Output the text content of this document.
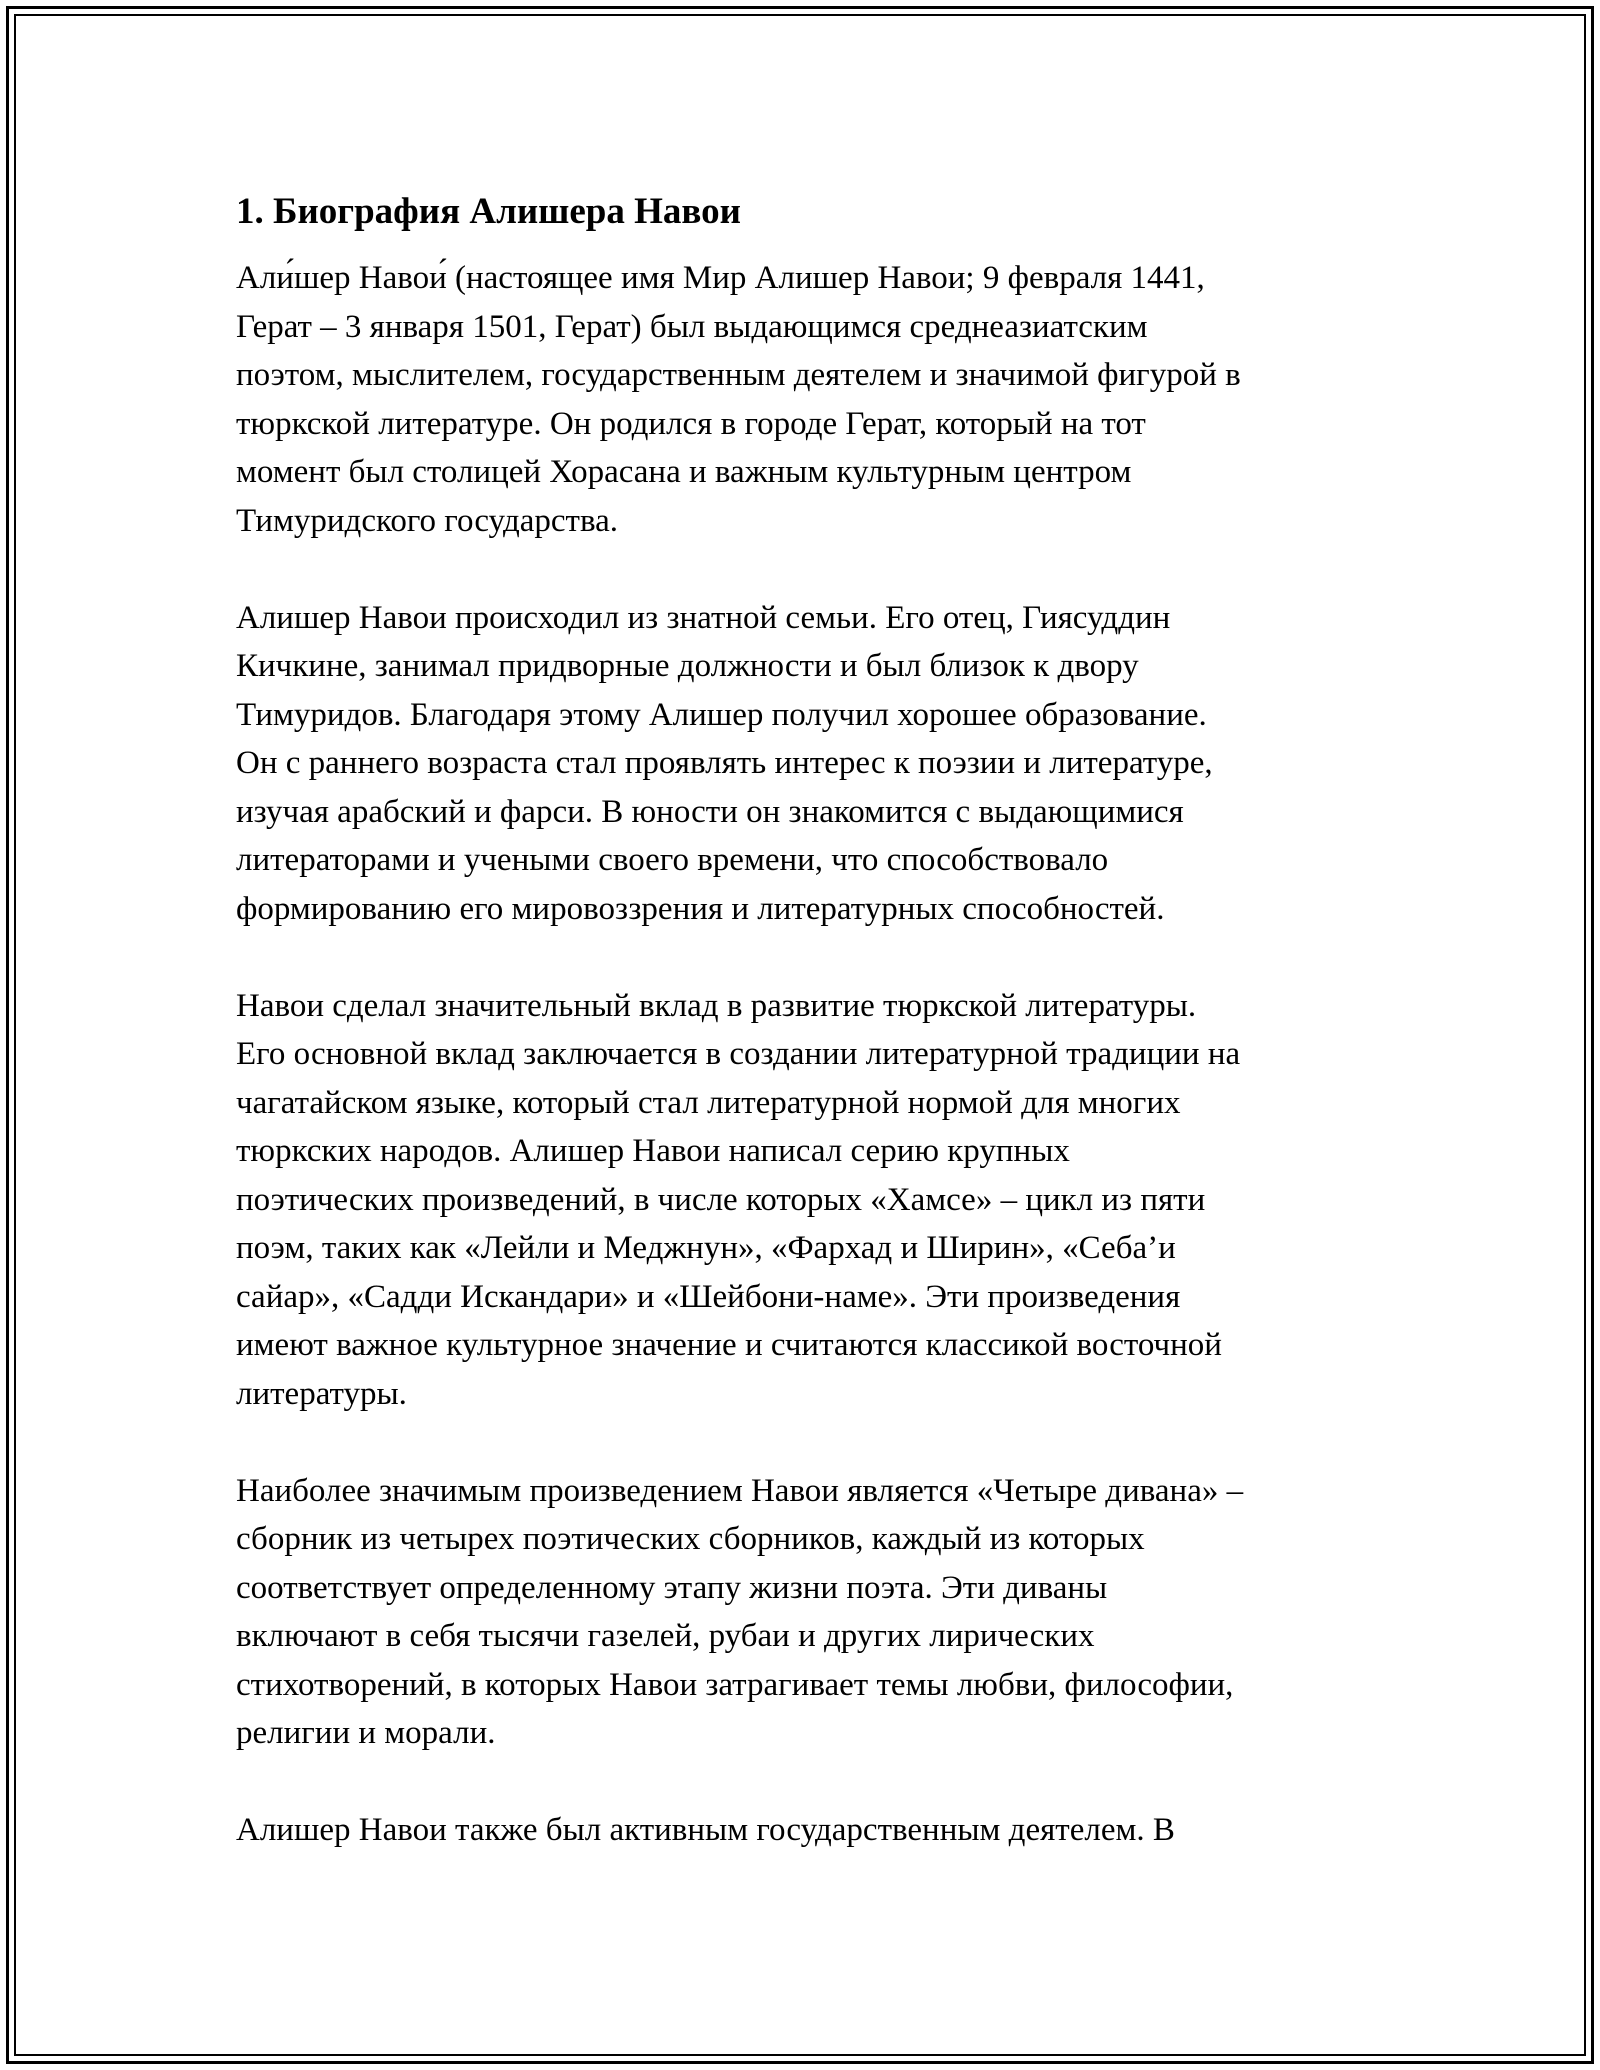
1. Биография Алишера Навои

Али́шер Навои́ (настоящее имя Мир Алишер Навои; 9 февраля 1441,
Герат – 3 января 1501, Герат) был выдающимся среднеазиатским
поэтом, мыслителем, государственным деятелем и значимой фигурой в
тюркской литературе. Он родился в городе Герат, который на тот
момент был столицей Хорасана и важным культурным центром
Тимуридского государства.

Алишер Навои происходил из знатной семьи. Его отец, Гиясуддин
Кичкине, занимал придворные должности и был близок к двору
Тимуридов. Благодаря этому Алишер получил хорошее образование.
Он с раннего возраста стал проявлять интерес к поэзии и литературе,
изучая арабский и фарси. В юности он знакомится с выдающимися
литераторами и учеными своего времени, что способствовало
формированию его мировоззрения и литературных способностей.

Навои сделал значительный вклад в развитие тюркской литературы.
Его основной вклад заключается в создании литературной традиции на
чагатайском языке, который стал литературной нормой для многих
тюркских народов. Алишер Навои написал серию крупных
поэтических произведений, в числе которых «Хамсе» – цикл из пяти
поэм, таких как «Лейли и Меджнун», «Фархад и Ширин», «Себа’и
сайар», «Садди Искандари» и «Шейбони-наме». Эти произведения
имеют важное культурное значение и считаются классикой восточной
литературы.

Наиболее значимым произведением Навои является «Четыре дивана» –
сборник из четырех поэтических сборников, каждый из которых
соответствует определенному этапу жизни поэта. Эти диваны
включают в себя тысячи газелей, рубаи и других лирических
стихотворений, в которых Навои затрагивает темы любви, философии,
религии и морали.

Алишер Навои также был активным государственным деятелем. В
